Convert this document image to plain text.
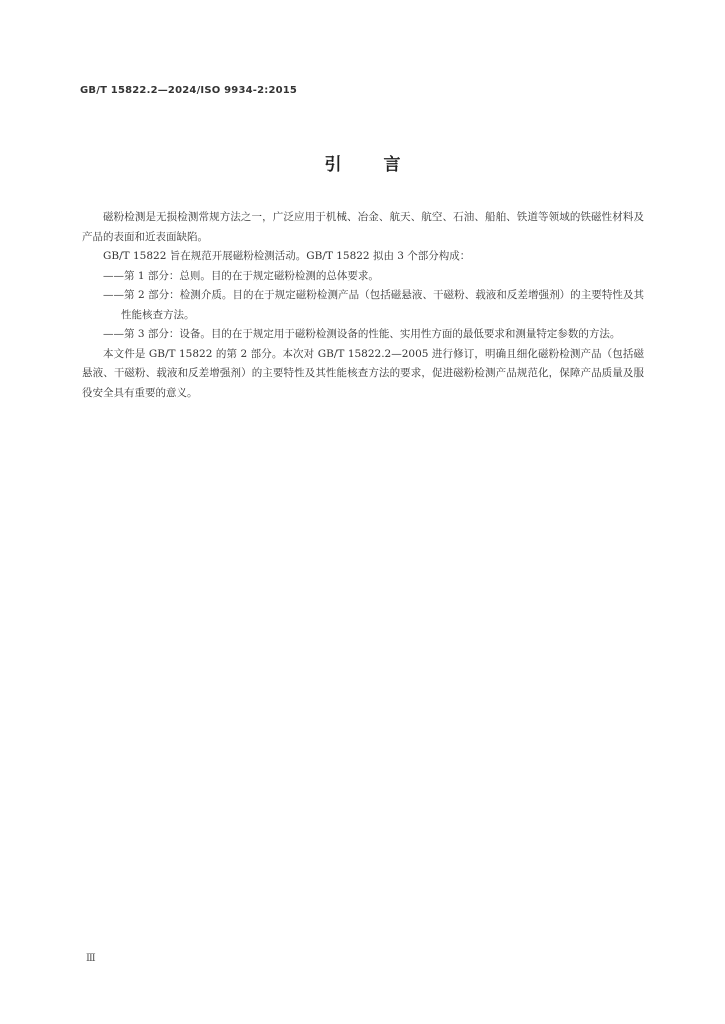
GB/T 15822.2—2024/ISO 9934-2:2015
引言

磁粉检测是无损检测常规方法之一，广泛应用于机械、冶金、航天、航空、石油、船舶、铁道等领域的铁磁性材料及产品的表面和近表面缺陷。

GB/T 15822 旨在规范开展磁粉检测活动。GB/T 15822 拟由 3 个部分构成：

——第 1 部分：总则。目的在于规定磁粉检测的总体要求。

——第 2 部分：检测介质。目的在于规定磁粉检测产品（包括磁悬液、干磁粉、载液和反差增强剂）的主要特性及其性能核查方法。

——第 3 部分：设备。目的在于规定用于磁粉检测设备的性能、实用性方面的最低要求和测量特定参数的方法。

本文件是 GB/T 15822 的第 2 部分。本次对 GB/T 15822.2—2005 进行修订，明确且细化磁粉检测产品（包括磁悬液、干磁粉、载液和反差增强剂）的主要特性及其性能核查方法的要求，促进磁粉检测产品规范化，保障产品质量及服役安全具有重要的意义。

Ⅲ
